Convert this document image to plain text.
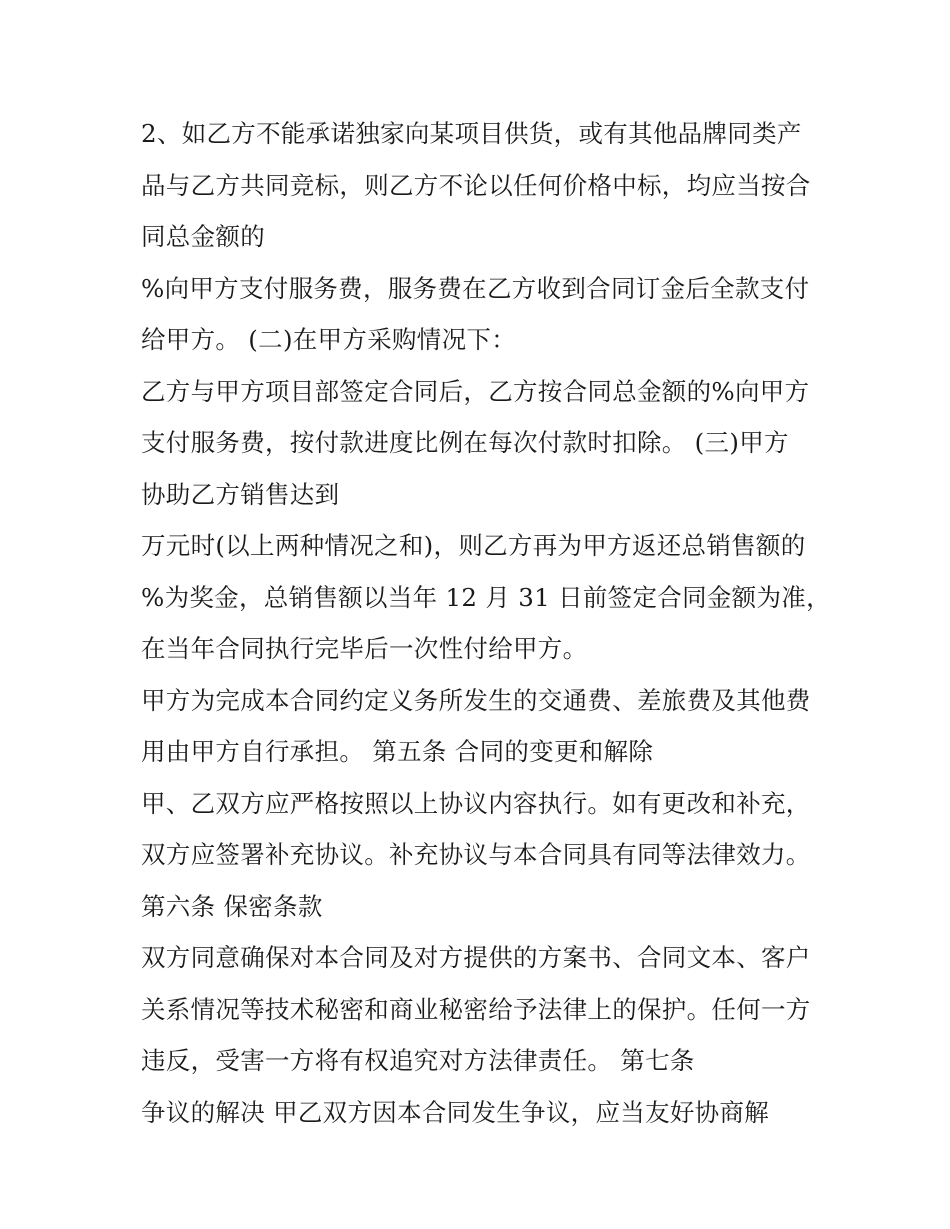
2、如乙方不能承诺独家向某项目供货，或有其他品牌同类产
品与乙方共同竞标，则乙方不论以任何价格中标，均应当按合
同总金额的
%向甲方支付服务费，服务费在乙方收到合同订金后全款支付
给甲方。 (二)在甲方采购情况下：
乙方与甲方项目部签定合同后，乙方按合同总金额的%向甲方
支付服务费，按付款进度比例在每次付款时扣除。 (三)甲方
协助乙方销售达到
万元时(以上两种情况之和)，则乙方再为甲方返还总销售额的
%为奖金，总销售额以当年 12 月 31 日前签定合同金额为准，
在当年合同执行完毕后一次性付给甲方。
甲方为完成本合同约定义务所发生的交通费、差旅费及其他费
用由甲方自行承担。 第五条 合同的变更和解除
甲、乙双方应严格按照以上协议内容执行。如有更改和补充，
双方应签署补充协议。补充协议与本合同具有同等法律效力。
第六条 保密条款
双方同意确保对本合同及对方提供的方案书、合同文本、客户
关系情况等技术秘密和商业秘密给予法律上的保护。任何一方
违反，受害一方将有权追究对方法律责任。 第七条
争议的解决 甲乙双方因本合同发生争议，应当友好协商解
